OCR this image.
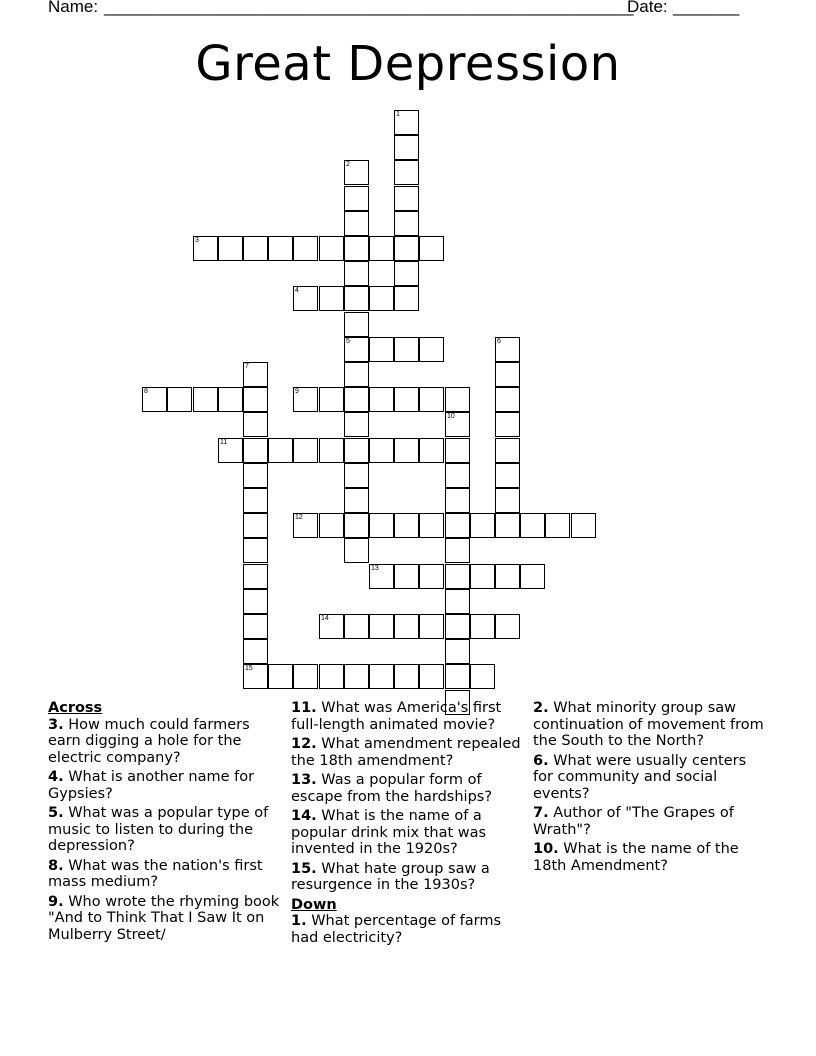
Name: ________________________________________________________
Date: _______
Great Depression
1
2
5
3
4
6
7
15
8	9
10
11
12
13
14
Across
3. How much could farmers earn digging a hole for the electric company?
4. What is another name for Gypsies?
5. What was a popular type of music to listen to during the depression?
8. What was the nation's first mass medium?
9. Who wrote the rhyming book "And to Think That I Saw It on Mulberry Street/
11. What was America's first full-length animated movie?
12. What amendment repealed the 18th amendment?
13. Was a popular form of escape from the hardships?
14. What is the name of a popular drink mix that was invented in the 1920s?
15. What hate group saw a resurgence in the 1930s?
Down
1. What percentage of farms had electricity?
2. What minority group saw continuation of movement from the South to the North?
6. What were usually centers for community and social events?
7. Author of "The Grapes of Wrath"?
10. What is the name of the 18th Amendment?
